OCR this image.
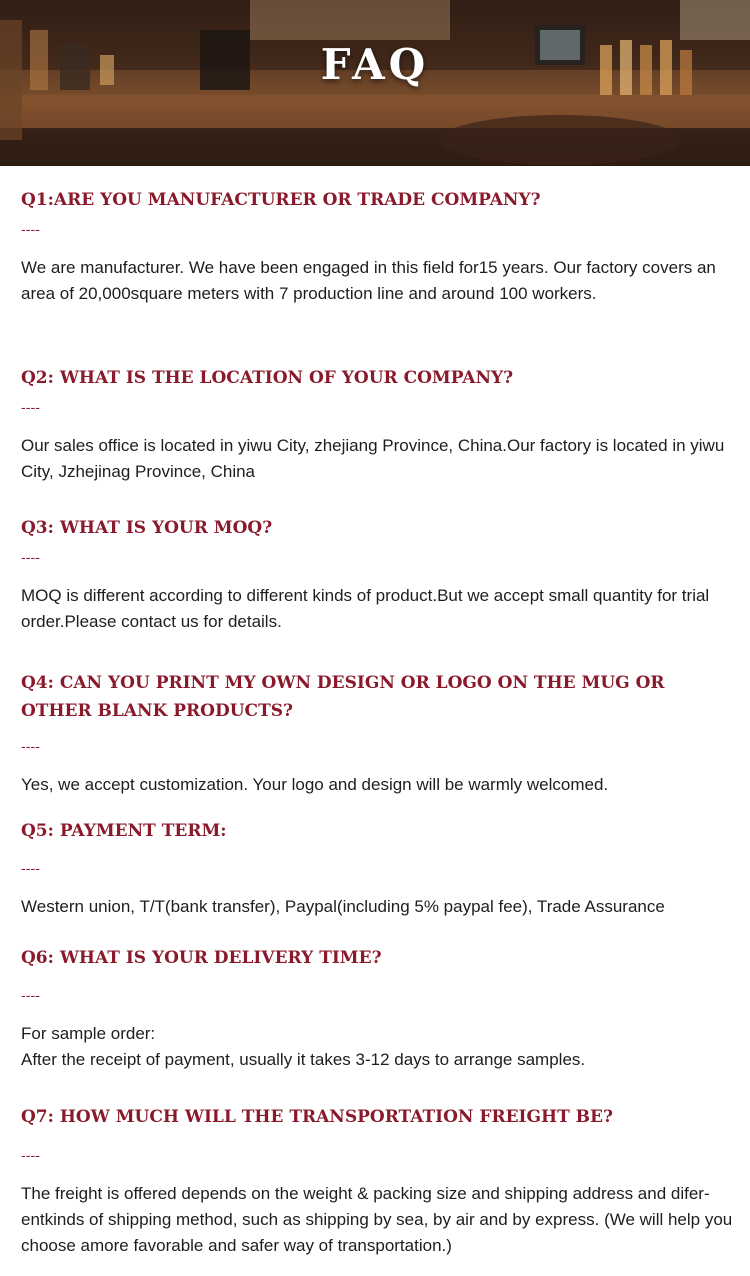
FAQ
Q1:ARE YOU MANUFACTURER OR TRADE COMPANY?
----

We are manufacturer. We have been engaged in this field for15 years. Our factory covers an area of 20,000square meters with 7 production line and around 100 workers.

Q2: WHAT IS THE LOCATION OF YOUR COMPANY?
----

Our sales office is located in yiwu City, zhejiang Province, China.Our factory is located in yiwu City, Jzhejinag Province, China

Q3: WHAT IS YOUR MOQ?
----

MOQ is different according to different kinds of product.But we accept small quantity for trial order.Please contact us for details.

Q4: CAN YOU PRINT MY OWN DESIGN OR LOGO ON THE MUG OR OTHER BLANK PRODUCTS?
----

Yes, we accept customization. Your logo and design will be warmly welcomed.

Q5: PAYMENT TERM:
----

Western union, T/T(bank transfer), Paypal(including 5% paypal fee), Trade Assurance

Q6: WHAT IS YOUR DELIVERY TIME?
----

For sample order:
After the receipt of payment, usually it takes 3-12 days to arrange samples.

Q7: HOW MUCH WILL THE TRANSPORTATION FREIGHT BE?
----

The freight is offered depends on the weight & packing size and shipping address and difer-entkinds of shipping method, such as shipping by sea, by air and by express. (We will help you choose amore favorable and safer way of transportation.)
